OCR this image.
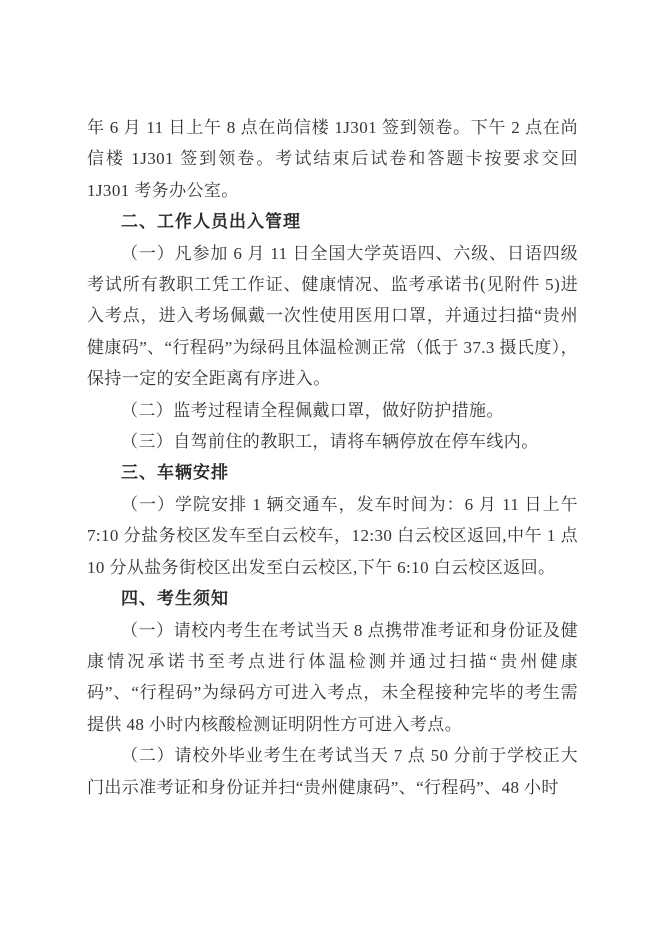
年 6 月 11 日上午 8 点在尚信楼 1J301 签到领卷。下午 2 点在尚信楼 1J301 签到领卷。考试结束后试卷和答题卡按要求交回 1J301 考务办公室。

二、工作人员出入管理

（一）凡参加 6 月 11 日全国大学英语四、六级、日语四级考试所有教职工凭工作证、健康情况、监考承诺书(见附件 5)进入考点，进入考场佩戴一次性使用医用口罩，并通过扫描“贵州健康码”、“行程码”为绿码且体温检测正常（低于 37.3 摄氏度），保持一定的安全距离有序进入。

（二）监考过程请全程佩戴口罩，做好防护措施。

（三）自驾前住的教职工，请将车辆停放在停车线内。

三、车辆安排

（一）学院安排 1 辆交通车，发车时间为：6 月 11 日上午 7:10 分盐务校区发车至白云校车，12:30 白云校区返回,中午 1 点 10 分从盐务街校区出发至白云校区,下午 6:10 白云校区返回。

四、考生须知

（一）请校内考生在考试当天 8 点携带准考证和身份证及健康情况承诺书至考点进行体温检测并通过扫描“贵州健康码”、“行程码”为绿码方可进入考点，未全程接种完毕的考生需提供 48 小时内核酸检测证明阴性方可进入考点。

（二）请校外毕业考生在考试当天 7 点 50 分前于学校正大门出示准考证和身份证并扫“贵州健康码”、“行程码”、48 小时
